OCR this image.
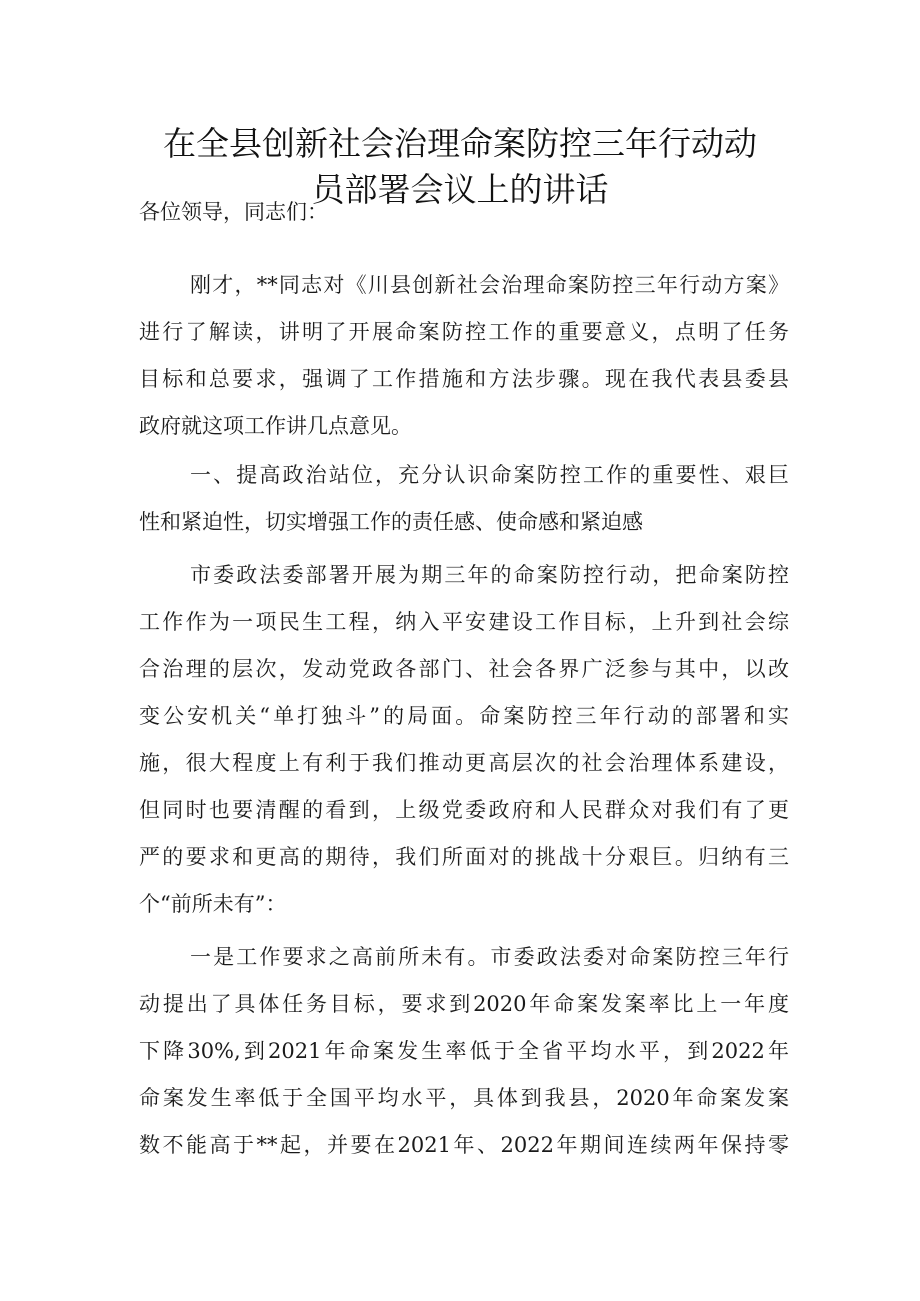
在全县创新社会治理命案防控三年行动动
员部署会议上的讲话
各位领导，同志们：
刚才，**同志对《川县创新社会治理命案防控三年行动方案》
进行了解读，讲明了开展命案防控工作的重要意义，点明了任务
目标和总要求，强调了工作措施和方法步骤。现在我代表县委县
政府就这项工作讲几点意见。
一、提高政治站位，充分认识命案防控工作的重要性、艰巨
性和紧迫性，切实增强工作的责任感、使命感和紧迫感
市委政法委部署开展为期三年的命案防控行动，把命案防控
工作作为一项民生工程，纳入平安建设工作目标，上升到社会综
合治理的层次，发动党政各部门、社会各界广泛参与其中，以改
变公安机关“单打独斗”的局面。命案防控三年行动的部署和实
施，很大程度上有利于我们推动更高层次的社会治理体系建设，
但同时也要清醒的看到，上级党委政府和人民群众对我们有了更
严的要求和更高的期待，我们所面对的挑战十分艰巨。归纳有三
个“前所未有”：
一是工作要求之高前所未有。市委政法委对命案防控三年行
动提出了具体任务目标，要求到2020年命案发案率比上一年度
下降30%,到2021年命案发生率低于全省平均水平，到2022年
命案发生率低于全国平均水平，具体到我县，2020年命案发案
数不能高于**起，并要在2021年、2022年期间连续两年保持零
